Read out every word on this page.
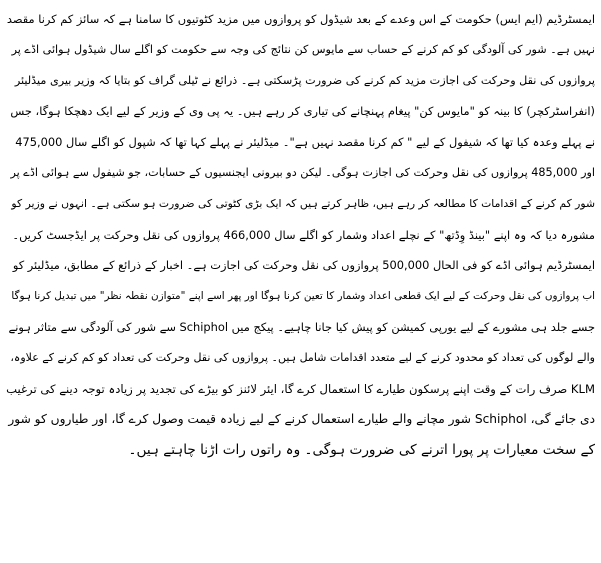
ایمسٹرڈیم (ایم ایس) حکومت کے اس وعدے کے بعد شیڈول کو پروازوں میں مزید کٹوتیوں کا سامنا ہے کہ سائز کم کرنا مقصد
نہیں ہے۔ شور کی آلودگی کو کم کرنے کے حساب سے مایوس کن نتائج کی وجہ سے حکومت کو اگلے سال شیڈول ہوائی اڈے پر
پروازوں کی نقل وحرکت کی اجازت مزید کم کرنے کی ضرورت پڑسکتی ہے۔ ذرائع نے ٹیلی گراف کو بتایا کہ وزیر بیری میڈلیئر
(انفراسٹرکچر) کا بینہ کو "مایوس کن" پیغام پہنچانے کی تیاری کر رہے ہیں۔ یہ پی وی کے وزیر کے لیے ایک دھچکا ہوگا، جس
نے پہلے وعدہ کیا تھا کہ شیفول کے لیے " کم کرنا مقصد نہیں ہے"۔ میڈلیئر نے پہلے کہا تھا کہ شپول کو اگلے سال 475,000
اور 485,000 پروازوں کی نقل وحرکت کی اجازت ہوگی۔ لیکن دو بیرونی ایجنسیوں کے حسابات، جو شیفول سے ہوائی اڈے پر
شور کم کرنے کے اقدامات کا مطالعہ کر رہے ہیں، ظاہر کرتے ہیں کہ ایک بڑی کٹوتی کی ضرورت ہو سکتی ہے۔ انہوں نے وزیر کو
مشورہ دیا کہ وہ اپنے "بینڈ وِڈتھ" کے نچلے اعداد وشمار کو اگلے سال 466,000 پروازوں کی نقل وحرکت پر ایڈجسٹ کریں۔
ایمسٹرڈیم ہوائی اڈے کو فی الحال 500,000 پروازوں کی نقل وحرکت کی اجازت ہے۔ اخبار کے ذرائع کے مطابق، میڈلیئر کو
اب پروازوں کی نقل وحرکت کے لیے ایک قطعی اعداد وشمار کا تعین کرنا ہوگا اور پھر اسے اپنے "متوازن نقطہ نظر" میں تبدیل کرنا ہوگا
جسے جلد ہی مشورے کے لیے یورپی کمیشن کو پیش کیا جانا چاہیے۔ پیکج میں Schiphol سے شور کی آلودگی سے متاثر ہونے
والے لوگوں کی تعداد کو محدود کرنے کے لیے متعدد اقدامات شامل ہیں۔ پروازوں کی نقل وحرکت کی تعداد کو کم کرنے کے علاوہ،
KLM صرف رات کے وقت اپنے پرسکون طیارے کا استعمال کرے گا، ایئر لائنز کو بیڑے کی تجدید پر زیادہ توجہ دینے کی ترغیب
دی جائے گی، Schiphol شور مچانے والے طیارے استعمال کرنے کے لیے زیادہ قیمت وصول کرے گا، اور طیاروں کو شور
کے سخت معیارات پر پورا اترنے کی ضرورت ہوگی۔ وہ راتوں رات اڑنا چاہتے ہیں۔
